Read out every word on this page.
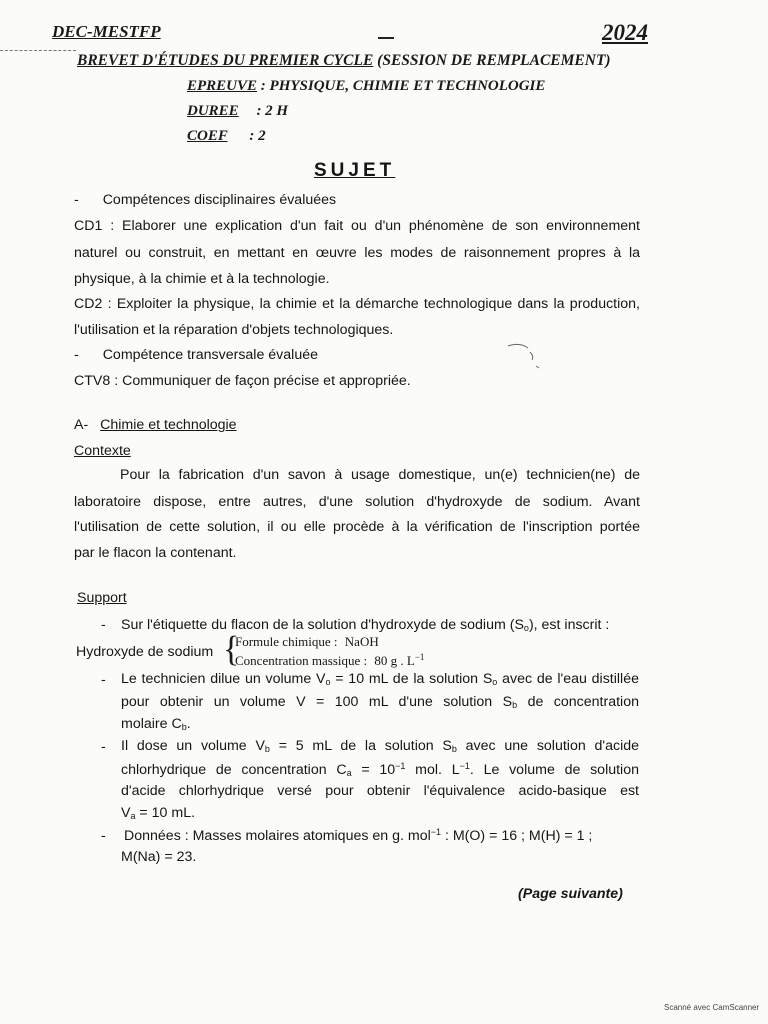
DEC-MESTFP	2024
BREVET D'ÉTUDES DU PREMIER CYCLE (SESSION DE REMPLACEMENT)
EPREUVE : PHYSIQUE, CHIMIE ET TECHNOLOGIE
DUREE : 2 H
COEF : 2
SUJET
- Compétences disciplinaires évaluées
CD1 : Elaborer une explication d'un fait ou d'un phénomène de son environnement
naturel ou construit, en mettant en œuvre les modes de raisonnement propres à la
physique, à la chimie et à la technologie.
CD2 : Exploiter la physique, la chimie et la démarche technologique dans la production,
l'utilisation et la réparation d'objets technologiques.
- Compétence transversale évaluée
CTV8 : Communiquer de façon précise et appropriée.
A- Chimie et technologie
Contexte
Pour la fabrication d'un savon à usage domestique, un(e) technicien(ne) de
laboratoire dispose, entre autres, d'une solution d'hydroxyde de sodium. Avant
l'utilisation de cette solution, il ou elle procède à la vérification de l'inscription portée
par le flacon la contenant.
Support
- Sur l'étiquette du flacon de la solution d'hydroxyde de sodium $(S_o)$, est inscrit :
Hydroxyde de sodium {
Formule chimique : NaOH
Concentration massique : 80 g . $L^{-1}$
- Le technicien dilue un volume $V_o = 10$ mL de la solution $S_o$ avec de l'eau distillée
pour obtenir un volume V = 100 mL d'une solution $S_b$ de concentration
molaire $C_b$.
- Il dose un volume $V_b = 5$ mL de la solution $S_b$ avec une solution d'acide
chlorhydrique de concentration $C_a = 10^{-1}$ mol. $L^{-1}$. Le volume de solution
d'acide chlorhydrique versé pour obtenir l'équivalence acido-basique est
$V_a = 10$ mL.
- Données : Masses molaires atomiques en g. mol$^{-1}$ : M(O) = 16 ; M(H) = 1 ;
M(Na) = 23.
(Page suivante)
Scanné avec CamScanner
